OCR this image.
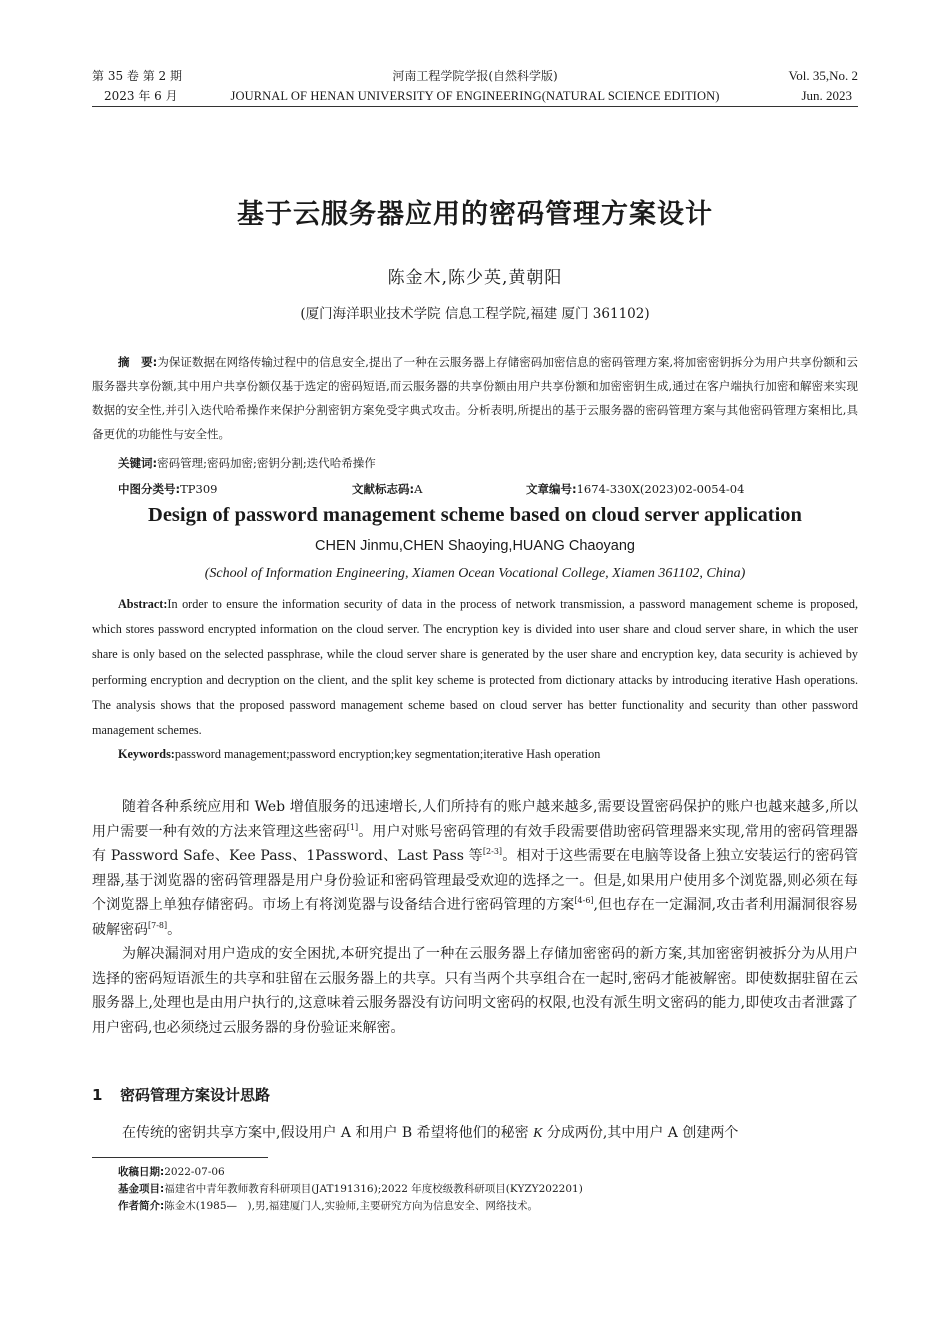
第 35 卷 第 2 期
2023 年 6 月
河南工程学院学报(自然科学版)
JOURNAL OF HENAN UNIVERSITY OF ENGINEERING(NATURAL SCIENCE EDITION)
Vol. 35,No. 2
Jun. 2023
基于云服务器应用的密码管理方案设计
陈金木,陈少英,黄朝阳
(厦门海洋职业技术学院 信息工程学院,福建 厦门 361102)
摘　要:为保证数据在网络传输过程中的信息安全,提出了一种在云服务器上存储密码加密信息的密码管理方案,将加密密钥拆分为用户共享份额和云服务器共享份额,其中用户共享份额仅基于选定的密码短语,而云服务器的共享份额由用户共享份额和加密密钥生成,通过在客户端执行加密和解密来实现数据的安全性,并引入迭代哈希操作来保护分割密钥方案免受字典式攻击。分析表明,所提出的基于云服务器的密码管理方案与其他密码管理方案相比,具备更优的功能性与安全性。
关键词:密码管理;密码加密;密钥分割;迭代哈希操作
中图分类号:TP309	文献标志码:A	文章编号:1674-330X(2023)02-0054-04
Design of password management scheme based on cloud server application
CHEN Jinmu,CHEN Shaoying,HUANG Chaoyang
(School of Information Engineering, Xiamen Ocean Vocational College, Xiamen 361102, China)
Abstract:In order to ensure the information security of data in the process of network transmission, a password management scheme is proposed, which stores password encrypted information on the cloud server. The encryption key is divided into user share and cloud server share, in which the user share is only based on the selected passphrase, while the cloud server share is generated by the user share and encryption key, data security is achieved by performing encryption and decryption on the client, and the split key scheme is protected from dictionary attacks by introducing iterative Hash operations. The analysis shows that the proposed password management scheme based on cloud server has better functionality and security than other password management schemes.
Keywords:password management;password encryption;key segmentation;iterative Hash operation

随着各种系统应用和 Web 增值服务的迅速增长,人们所持有的账户越来越多,需要设置密码保护的账户也越来越多,所以用户需要一种有效的方法来管理这些密码[1]。用户对账号密码管理的有效手段需要借助密码管理器来实现,常用的密码管理器有 Password Safe、Kee Pass、1Password、Last Pass 等[2-3]。相对于这些需要在电脑等设备上独立安装运行的密码管理器,基于浏览器的密码管理器是用户身份验证和密码管理最受欢迎的选择之一。但是,如果用户使用多个浏览器,则必须在每个浏览器上单独存储密码。市场上有将浏览器与设备结合进行密码管理的方案[4-6],但也存在一定漏洞,攻击者利用漏洞很容易破解密码[7-8]。

为解决漏洞对用户造成的安全困扰,本研究提出了一种在云服务器上存储加密密码的新方案,其加密密钥被拆分为从用户选择的密码短语派生的共享和驻留在云服务器上的共享。只有当两个共享组合在一起时,密码才能被解密。即使数据驻留在云服务器上,处理也是由用户执行的,这意味着云服务器没有访问明文密码的权限,也没有派生明文密码的能力,即使攻击者泄露了用户密码,也必须绕过云服务器的身份验证来解密。

1 密码管理方案设计思路
在传统的密钥共享方案中,假设用户 A 和用户 B 希望将他们的秘密 K 分成两份,其中用户 A 创建两个
收稿日期:2022-07-06
基金项目:福建省中青年教师教育科研项目(JAT191316);2022 年度校级教科研项目(KYZY202201)
作者简介:陈金木(1985—　),男,福建厦门人,实验师,主要研究方向为信息安全、网络技术。
